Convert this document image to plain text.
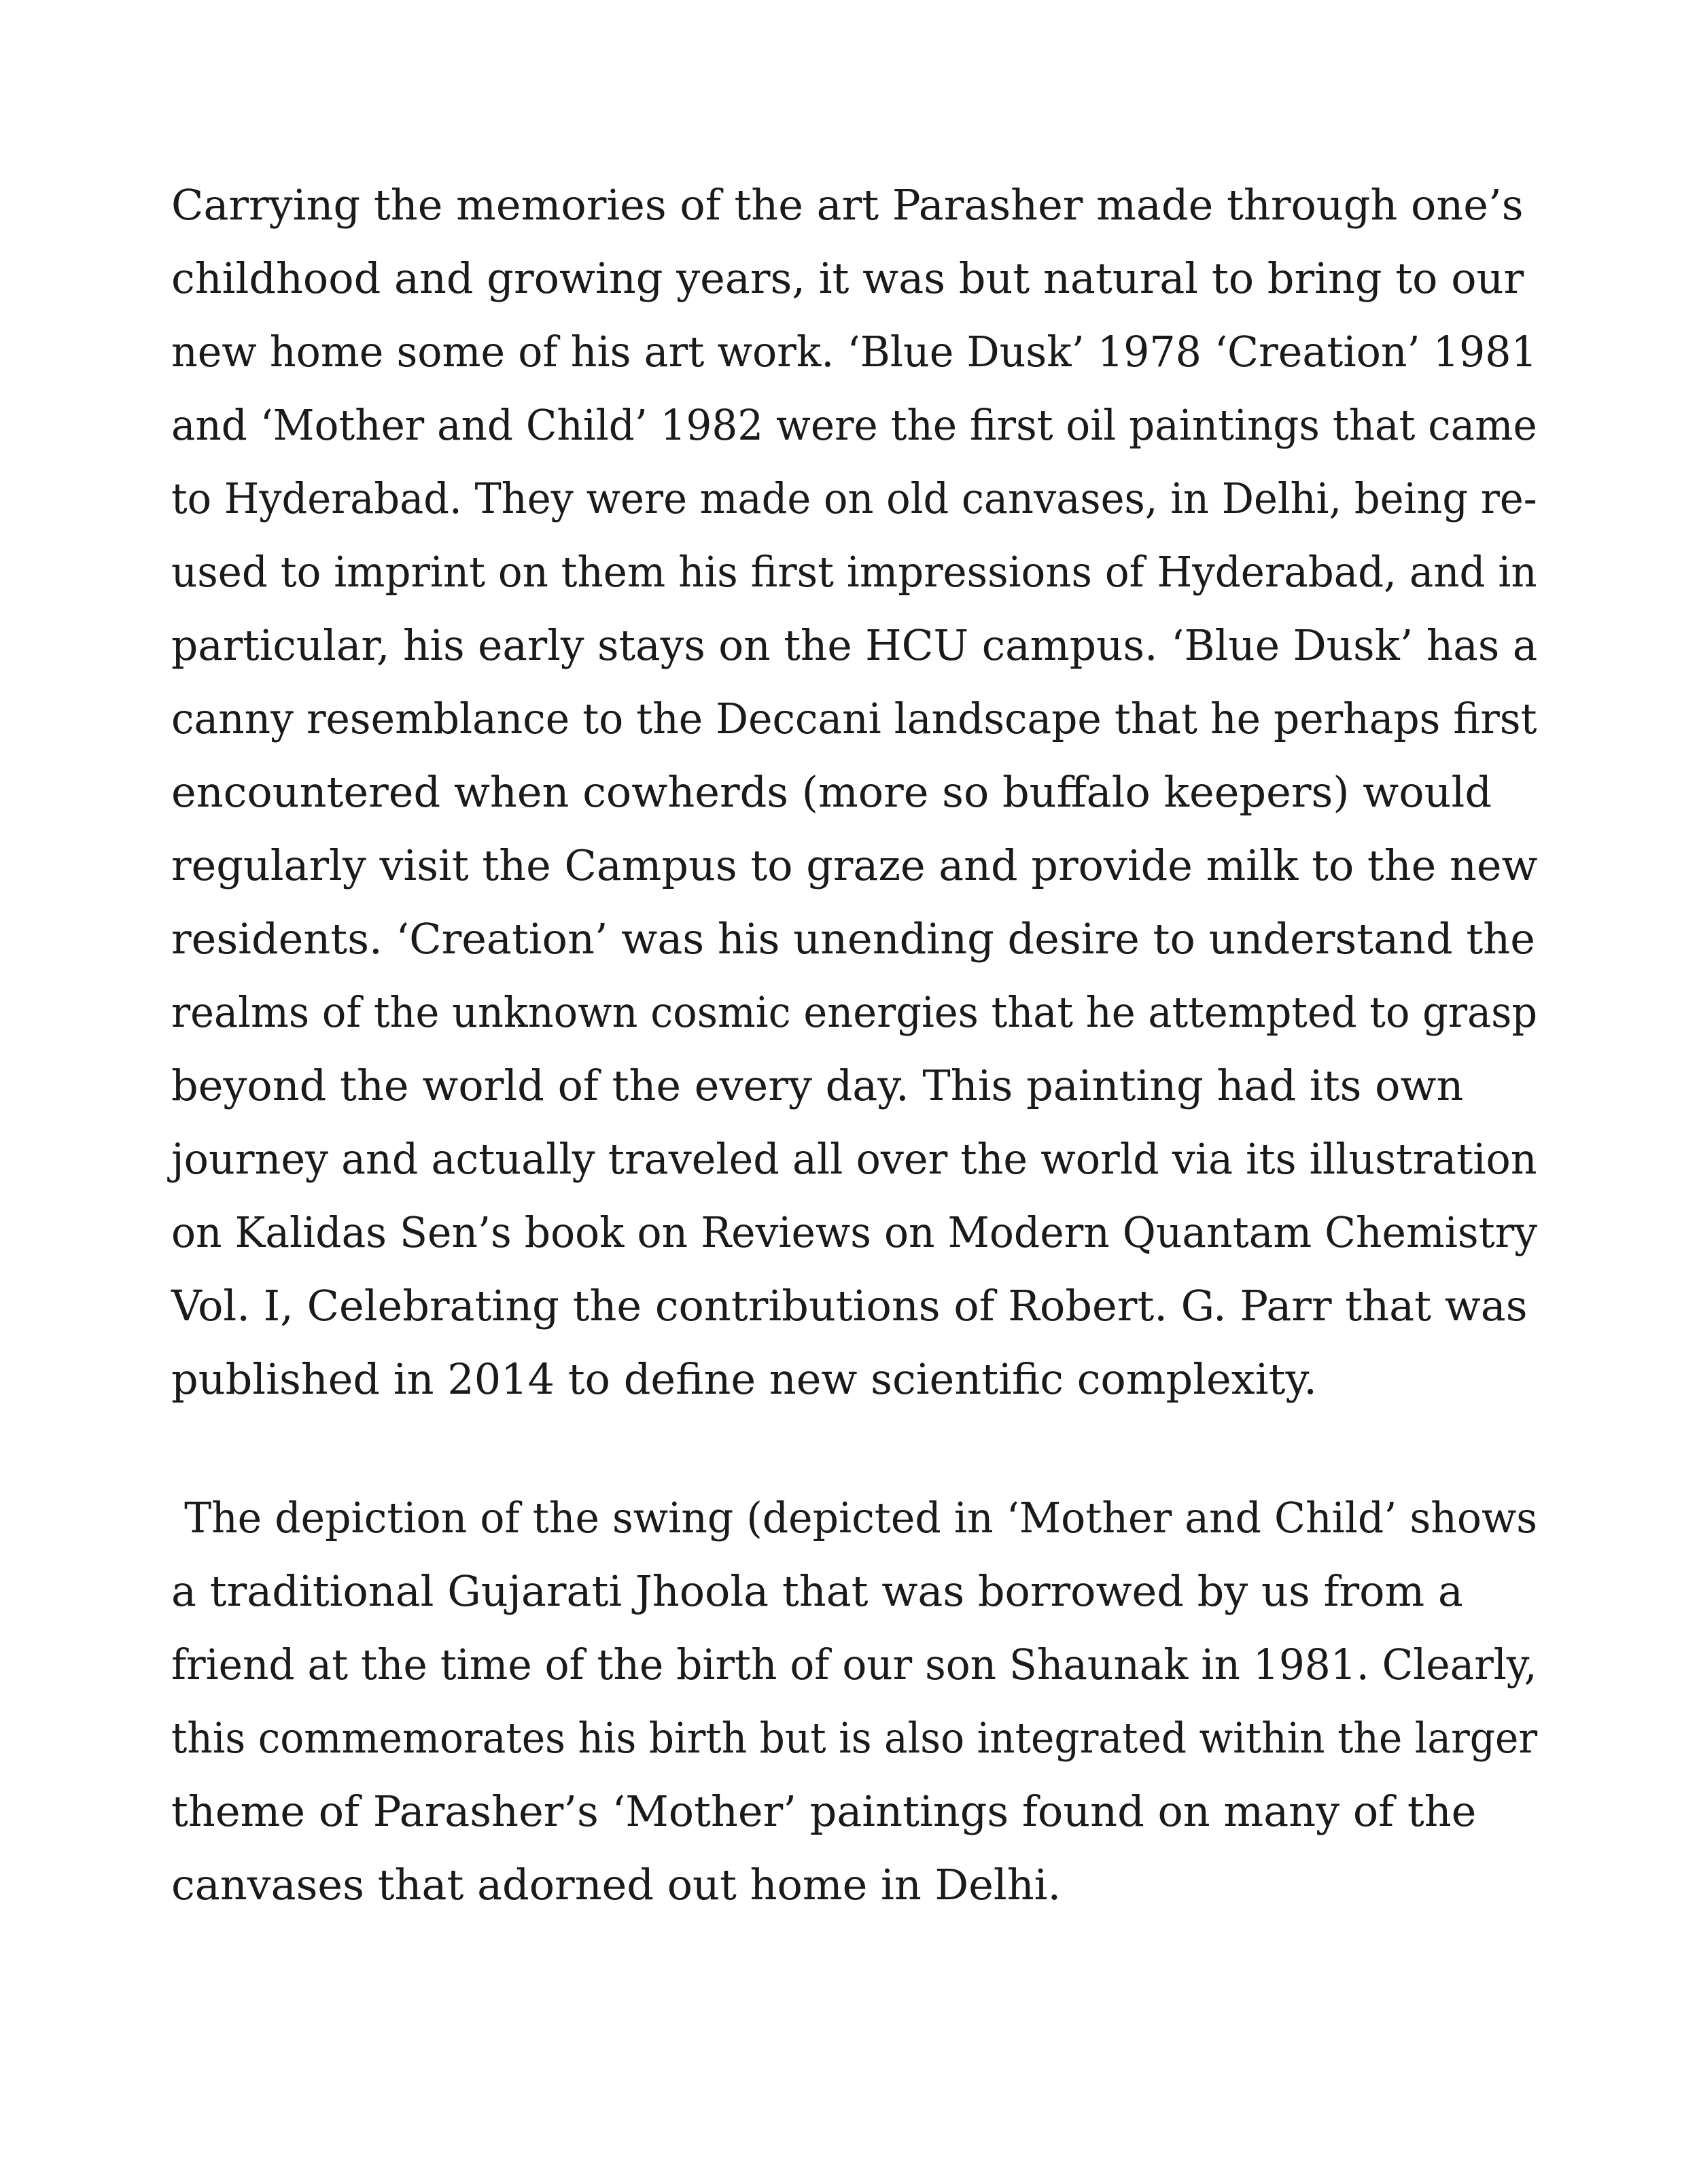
Carrying the memories of the art Parasher made through one’s
childhood and growing years, it was but natural to bring to our
new home some of his art work. ‘Blue Dusk’ 1978 ‘Creation’ 1981
and ‘Mother and Child’ 1982 were the first oil paintings that came
to Hyderabad. They were made on old canvases, in Delhi, being re-
used to imprint on them his first impressions of Hyderabad, and in
particular, his early stays on the HCU campus. ‘Blue Dusk’ has a
canny resemblance to the Deccani landscape that he perhaps first
encountered when cowherds (more so buffalo keepers) would
regularly visit the Campus to graze and provide milk to the new
residents. ‘Creation’ was his unending desire to understand the
realms of the unknown cosmic energies that he attempted to grasp
beyond the world of the every day. This painting had its own
journey and actually traveled all over the world via its illustration
on Kalidas Sen’s book on Reviews on Modern Quantam Chemistry
Vol. I, Celebrating the contributions of Robert. G. Parr that was
published in 2014 to define new scientific complexity.
The depiction of the swing (depicted in ‘Mother and Child’ shows
a traditional Gujarati Jhoola that was borrowed by us from a
friend at the time of the birth of our son Shaunak in 1981. Clearly,
this commemorates his birth but is also integrated within the larger
theme of Parasher’s ‘Mother’ paintings found on many of the
canvases that adorned out home in Delhi.
